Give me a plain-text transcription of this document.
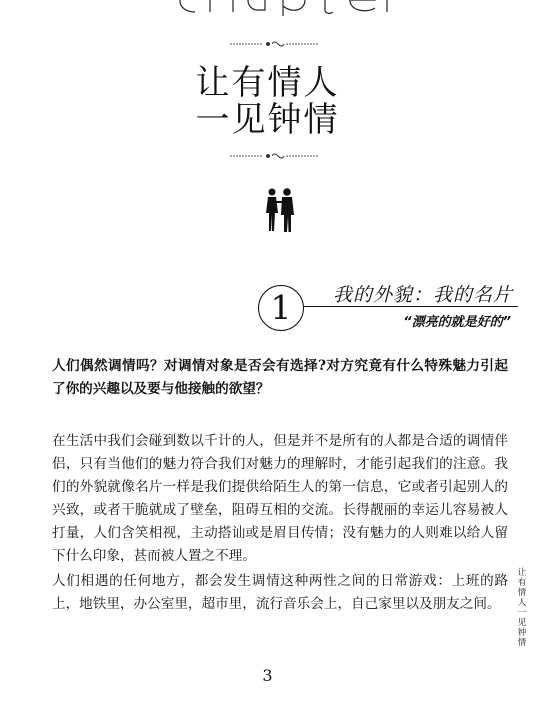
让有情人
一见钟情
1	我的外貌：我的名片
“漂亮的就是好的”

人们偶然调情吗？对调情对象是否会有选择?对方究竟有什么特殊魅力引起了你的兴趣以及要与他接触的欲望？

在生活中我们会碰到数以千计的人，但是并不是所有的人都是合适的调情伴侣，只有当他们的魅力符合我们对魅力的理解时，才能引起我们的注意。我们的外貌就像名片一样是我们提供给陌生人的第一信息，它或者引起别人的兴致，或者干脆就成了壁垒，阻碍互相的交流。长得靓丽的幸运儿容易被人打量，人们含笑相视，主动搭讪或是眉目传情；没有魅力的人则难以给人留下什么印象，甚而被人置之不理。

人们相遇的任何地方，都会发生调情这种两性之间的日常游戏：上班的路上，地铁里，办公室里，超市里，流行音乐会上，自己家里以及朋友之间。

让有情人一见钟情
3
